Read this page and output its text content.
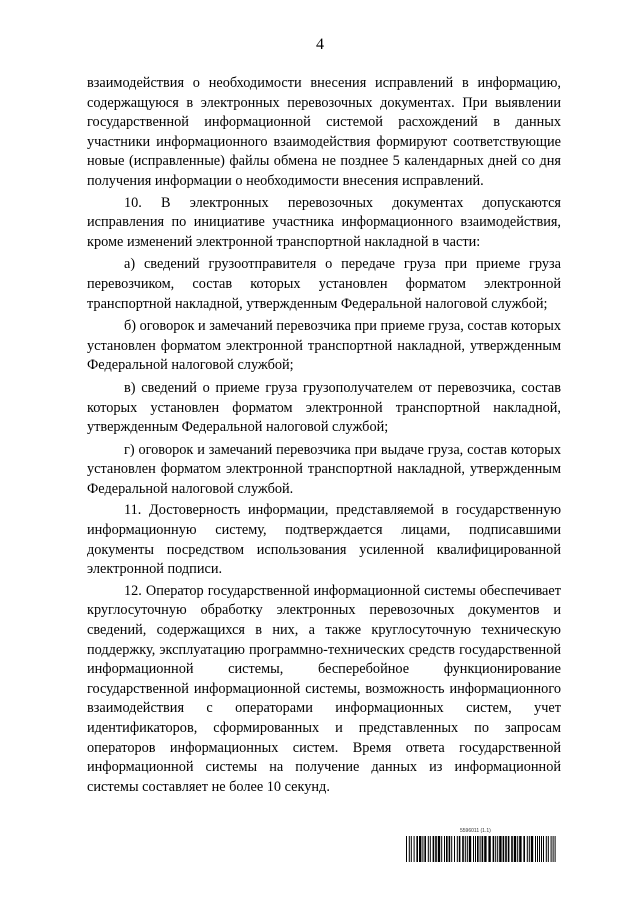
4

взаимодействия о необходимости внесения исправлений в информацию, содержащуюся в электронных перевозочных документах. При выявлении государственной информационной системой расхождений в данных участники информационного взаимодействия формируют соответствующие новые (исправленные) файлы обмена не позднее 5 календарных дней со дня получения информации о необходимости внесения исправлений.

10. В электронных перевозочных документах допускаются исправления по инициативе участника информационного взаимодействия, кроме изменений электронной транспортной накладной в части:

а) сведений грузоотправителя о передаче груза при приеме груза перевозчиком, состав которых установлен форматом электронной транспортной накладной, утвержденным Федеральной налоговой службой;

б) оговорок и замечаний перевозчика при приеме груза, состав которых установлен форматом электронной транспортной накладной, утвержденным Федеральной налоговой службой;

в) сведений о приеме груза грузополучателем от перевозчика, состав которых установлен форматом электронной транспортной накладной, утвержденным Федеральной налоговой службой;

г) оговорок и замечаний перевозчика при выдаче груза, состав которых установлен форматом электронной транспортной накладной, утвержденным Федеральной налоговой службой.

11. Достоверность информации, представляемой в государственную информационную систему, подтверждается лицами, подписавшими документы посредством использования усиленной квалифицированной электронной подписи.

12. Оператор государственной информационной системы обеспечивает круглосуточную обработку электронных перевозочных документов и сведений, содержащихся в них, а также круглосуточную техническую поддержку, эксплуатацию программно-технических средств государственной информационной системы, бесперебойное функционирование государственной информационной системы, возможность информационного взаимодействия с операторами информационных систем, учет идентификаторов, сформированных и представленных по запросам операторов информационных систем. Время ответа государственной информационной системы на получение данных из информационной системы составляет не более 10 секунд.

5596011 (1.1)
